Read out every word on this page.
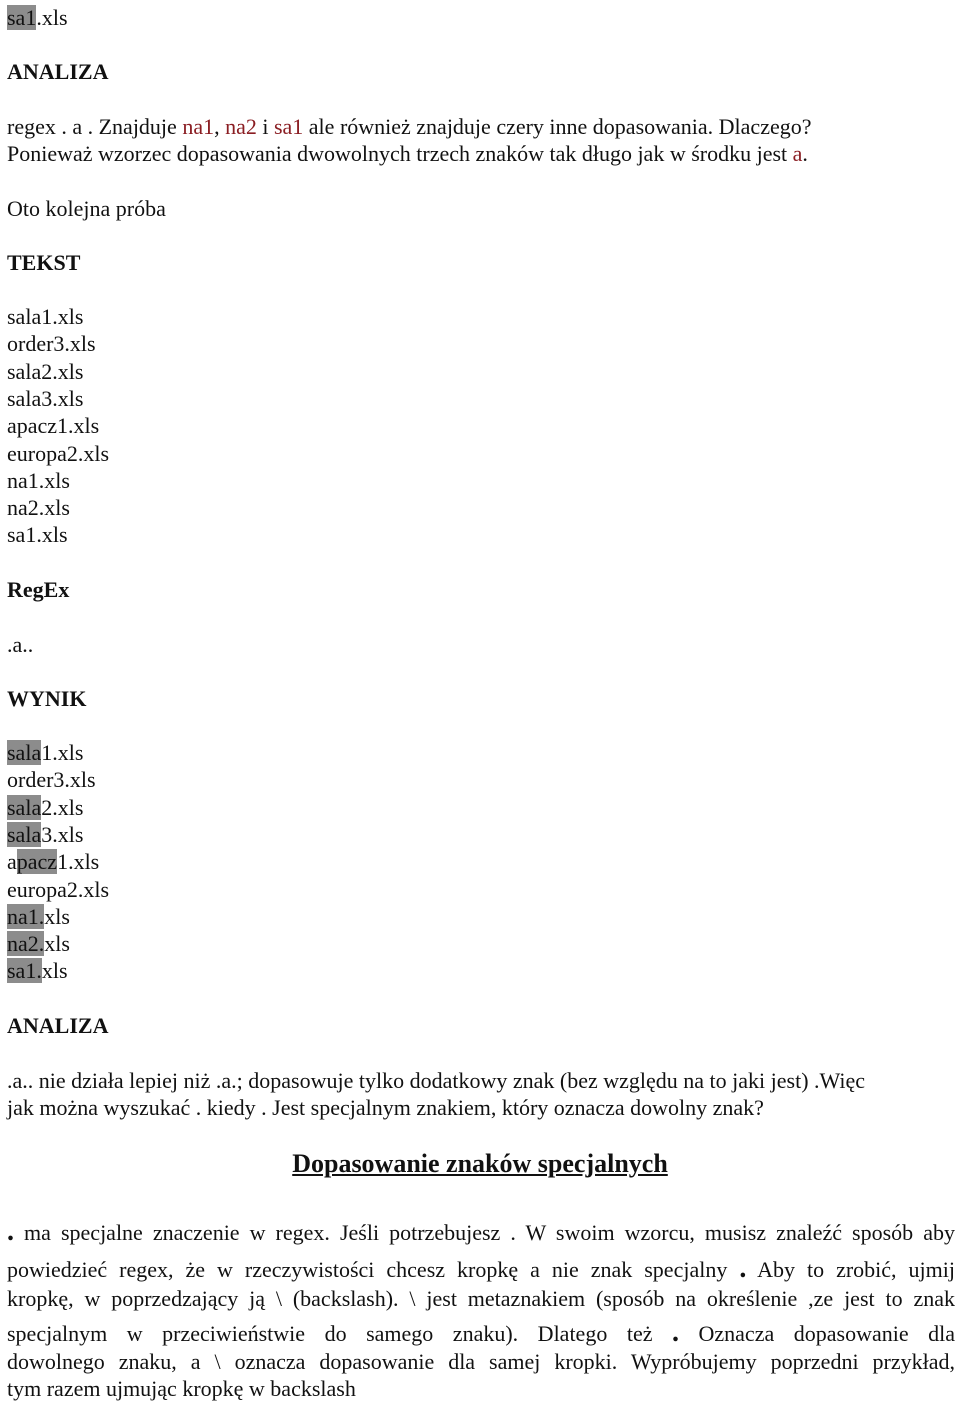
sa1.xls
ANALIZA
regex . a . Znajduje na1, na2 i sa1 ale również znajduje czery inne dopasowania. Dlaczego?
Ponieważ wzorzec dopasowania dwowolnych trzech znaków tak długo jak w środku jest a.
Oto kolejna próba
TEKST
sala1.xls
order3.xls
sala2.xls
sala3.xls
apacz1.xls
europa2.xls
na1.xls
na2.xls
sa1.xls
RegEx
.a..
WYNIK
sala1.xls
order3.xls
sala2.xls
sala3.xls
apacz1.xls
europa2.xls
na1.xls
na2.xls
sa1.xls
ANALIZA
.a.. nie działa lepiej niż .a.; dopasowuje tylko dodatkowy znak (bez względu na to jaki jest) .Więc
jak można wyszukać . kiedy . Jest specjalnym znakiem, który oznacza dowolny znak?
Dopasowanie znaków specjalnych
. ma specjalne znaczenie w regex. Jeśli potrzebujesz . W swoim wzorcu, musisz znaleźć sposób aby
powiedzieć regex, że w rzeczywistości chcesz kropkę a nie znak specjalny . Aby to zrobić, ujmij
kropkę, w poprzedzający ją \ (backslash). \ jest metaznakiem (sposób na określenie ,ze jest to znak
specjalnym w przeciwieństwie do samego znaku). Dlatego też . Oznacza dopasowanie dla
dowolnego znaku, a \ oznacza dopasowanie dla samej kropki. Wypróbujemy poprzedni przykład,
tym razem ujmując kropkę w backslash
